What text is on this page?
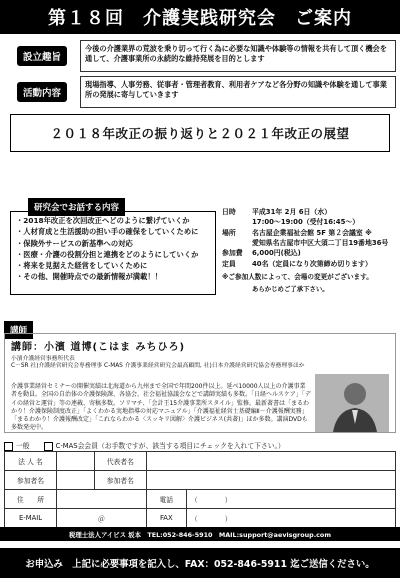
第１８回　介護実践研究会　ご案内
設立趣旨
今後の介護業界の荒波を乗り切って行く為に必要な知識や体験等の情報を共有して頂く機会を通して、介護事業所の永続的な維持発展を目的とします
活動内容
現場指導、人事労務、従事者・管理者教育、利用者ケアなど各分野の知識や体験を通して事業所の発展に寄与していきます
２０１８年改正の振り返りと２０２１年改正の展望
研究会でお話する内容
・2018年改正を次回改正へどのように繋げていくか
・人材育成と生活援助の担い手の確保をしていくために
・保険外サービスの新基準への対応
・医療・介護の役割分担と連携をどのようにしていくか
・将来を見据えた経営をしていくために
・その他、開催時点での最新情報が満載！！
日時	平成31年 2月 6日（水）
17:00～19:00（受付16:45～）
場所	名古屋企業福祉会館 5F 第２会議室 ※
愛知県名古屋市中区大須二丁目19番地36号
参加費	6,000円(税込)
定員	40名（定員になり次第締め切ります）
※ご参加人数によって、会場の変更がございます。
あらかじめご了承下さい。
講師
講師：小濱 道博(こはま みちひろ)
小濱介護経営事務所代表
C－SR 社)介護経営研究会専務理事 C-MAS 介護事業経営研究会最高顧問, 社)日本介護経営研究協会専務理事ほか
介護事業経営セミナーの開催実績は北海道から九州まで全国で年間200件以上。延べ10000人以上の介護事業者を動員。全国の自治体の介護保険課、各協会、社会福祉協議会などで講師実績も多数。「日経ヘルスケア」「デイの経営と運営」等の連載、寄稿多数。ソリマチ、「会計王15介護事業所スタイル」監修。最新著書は「まるわかり！介護保険制度改正」「よくわかる実地指導の対応マニュアル」「介護福祉経営士基礎編Ⅱ－介護報酬実務」「まるわかり！介護報酬改定」「これならわかる〈スッキリ図解〉介護ビジネス(共著)」ほか多数。講演DVDも多数発売中。
一般	C-MAS会会員（お手数ですが、該当する項目にチェックを入れて下さい。）
法 人 名		代表者名		
参加者名		参加者名		
住　　所			電話	（　　　　）
E-MAIL	＠		FAX	（　　　　）
税理士法人アイビス 坂本　TEL:052-846-5910　MAIL:support@aevisgroup.com
お申込み　上記に必要事項を記入し、FAX：052-846-5911 迄ご送信ください。
